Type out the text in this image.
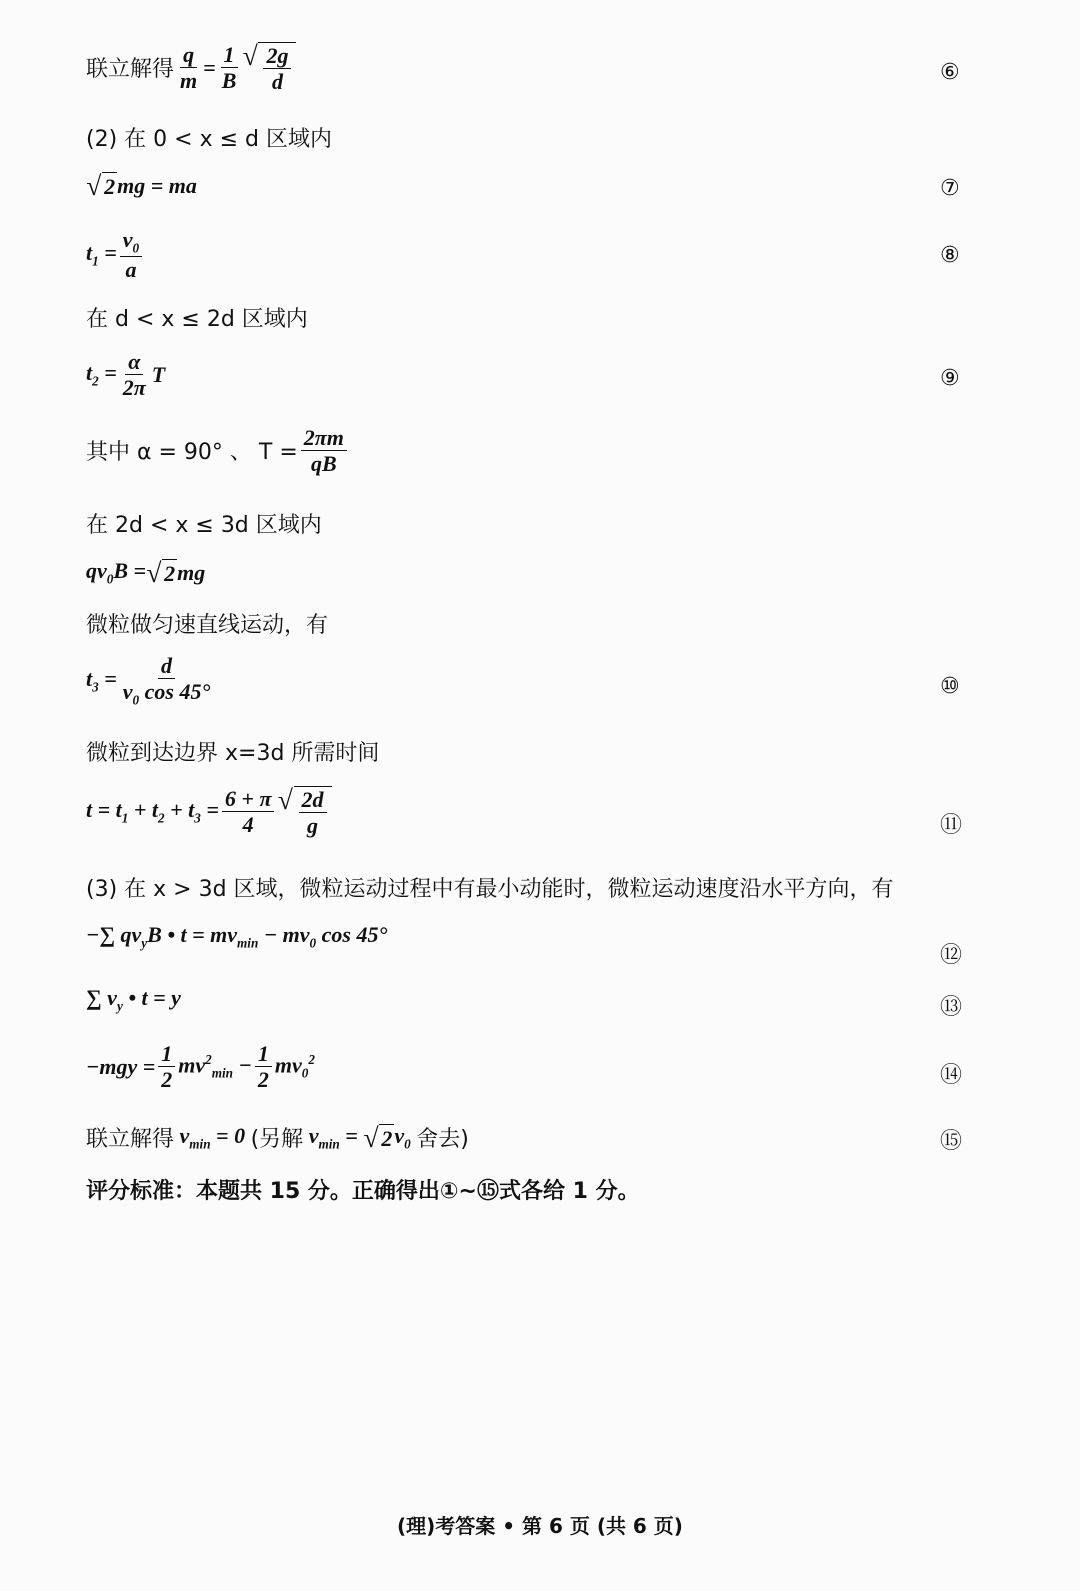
联立解得 $\frac{q}{m} = \frac{1}{B}$ √ $\frac{2g}{d}$	⑥
(2) 在 0 < x ≤ d 区域内
√ 2 mg = ma	⑦
$t_1 = \frac{v_0}{a}$	⑧
在 d < x ≤ 2d 区域内
$t_2 = \frac{\alpha}{2\pi}$ T	⑨
其中 α = 90° 、 $T = \frac{2\pi m}{qB}$
在 2d < x ≤ 3d 区域内
$qv_0B$ = √ 2 mg
微粒做匀速直线运动，有
$t_3 = \frac{d}{v_0 \cos 45^\circ}$	⑩
微粒到达边界 x=3d 所需时间
$t = t_1 + t_2 + t_3 = \frac{6 + \pi}{4}$ √ $\frac{2d}{g}$	⑪
(3) 在 x > 3d 区域，微粒运动过程中有最小动能时，微粒运动速度沿水平方向，有
−∑ $qv_yB$ • $t = mv_{min} - mv_0$ cos 45°
⑫
∑ $v_y$ • t = y	⑬
$-mgy = \frac{1}{2} mv^2_{min} - \frac{1}{2} mv_0^2$
⑭
联立解得 $v_{min} = 0$ (另解 $v_{min}$ = √ 2 $v_0$ 舍去)	⑮
评分标准：本题共 15 分。正确得出①~⑮式各给 1 分。
(理)考答案 • 第 6 页 (共 6 页)
